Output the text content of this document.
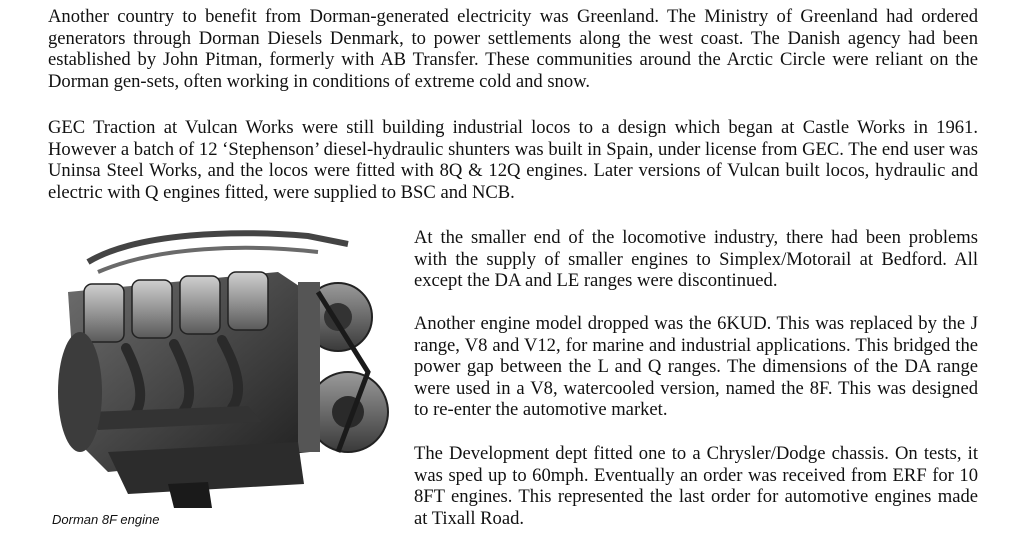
Another country to benefit from Dorman-generated electricity was Greenland. The Ministry of Greenland had ordered generators through Dorman Diesels Denmark, to power settlements along the west coast. The Danish agency had been established by John Pitman, formerly with AB Transfer. These communities around the Arctic Circle were reliant on the Dorman gen-sets, often working in conditions of extreme cold and snow.

GEC Traction at Vulcan Works were still building industrial locos to a design which began at Castle Works in 1961. However a batch of 12 ‘Stephenson’ diesel-hydraulic shunters was built in Spain, under license from GEC. The end user was Uninsa Steel Works, and the locos were fitted with 8Q & 12Q engines. Later versions of Vulcan built locos, hydraulic and electric with Q engines fitted, were supplied to BSC and NCB.

Dorman 8F engine

At the smaller end of the locomotive industry, there had been problems with the supply of smaller engines to Simplex/Motorail at Bedford. All except the DA and LE ranges were discontinued.

Another engine model dropped was the 6KUD. This was replaced by the J range, V8 and V12, for marine and industrial applications. This bridged the power gap between the L and Q ranges. The dimensions of the DA range were used in a V8, watercooled version, named the 8F. This was designed to re-enter the automotive market.

The Development dept fitted one to a Chrysler/Dodge chassis. On tests, it was sped up to 60mph. Eventually an order was received from ERF for 10 8FT engines. This represented the last order for automotive engines made at Tixall Road.
